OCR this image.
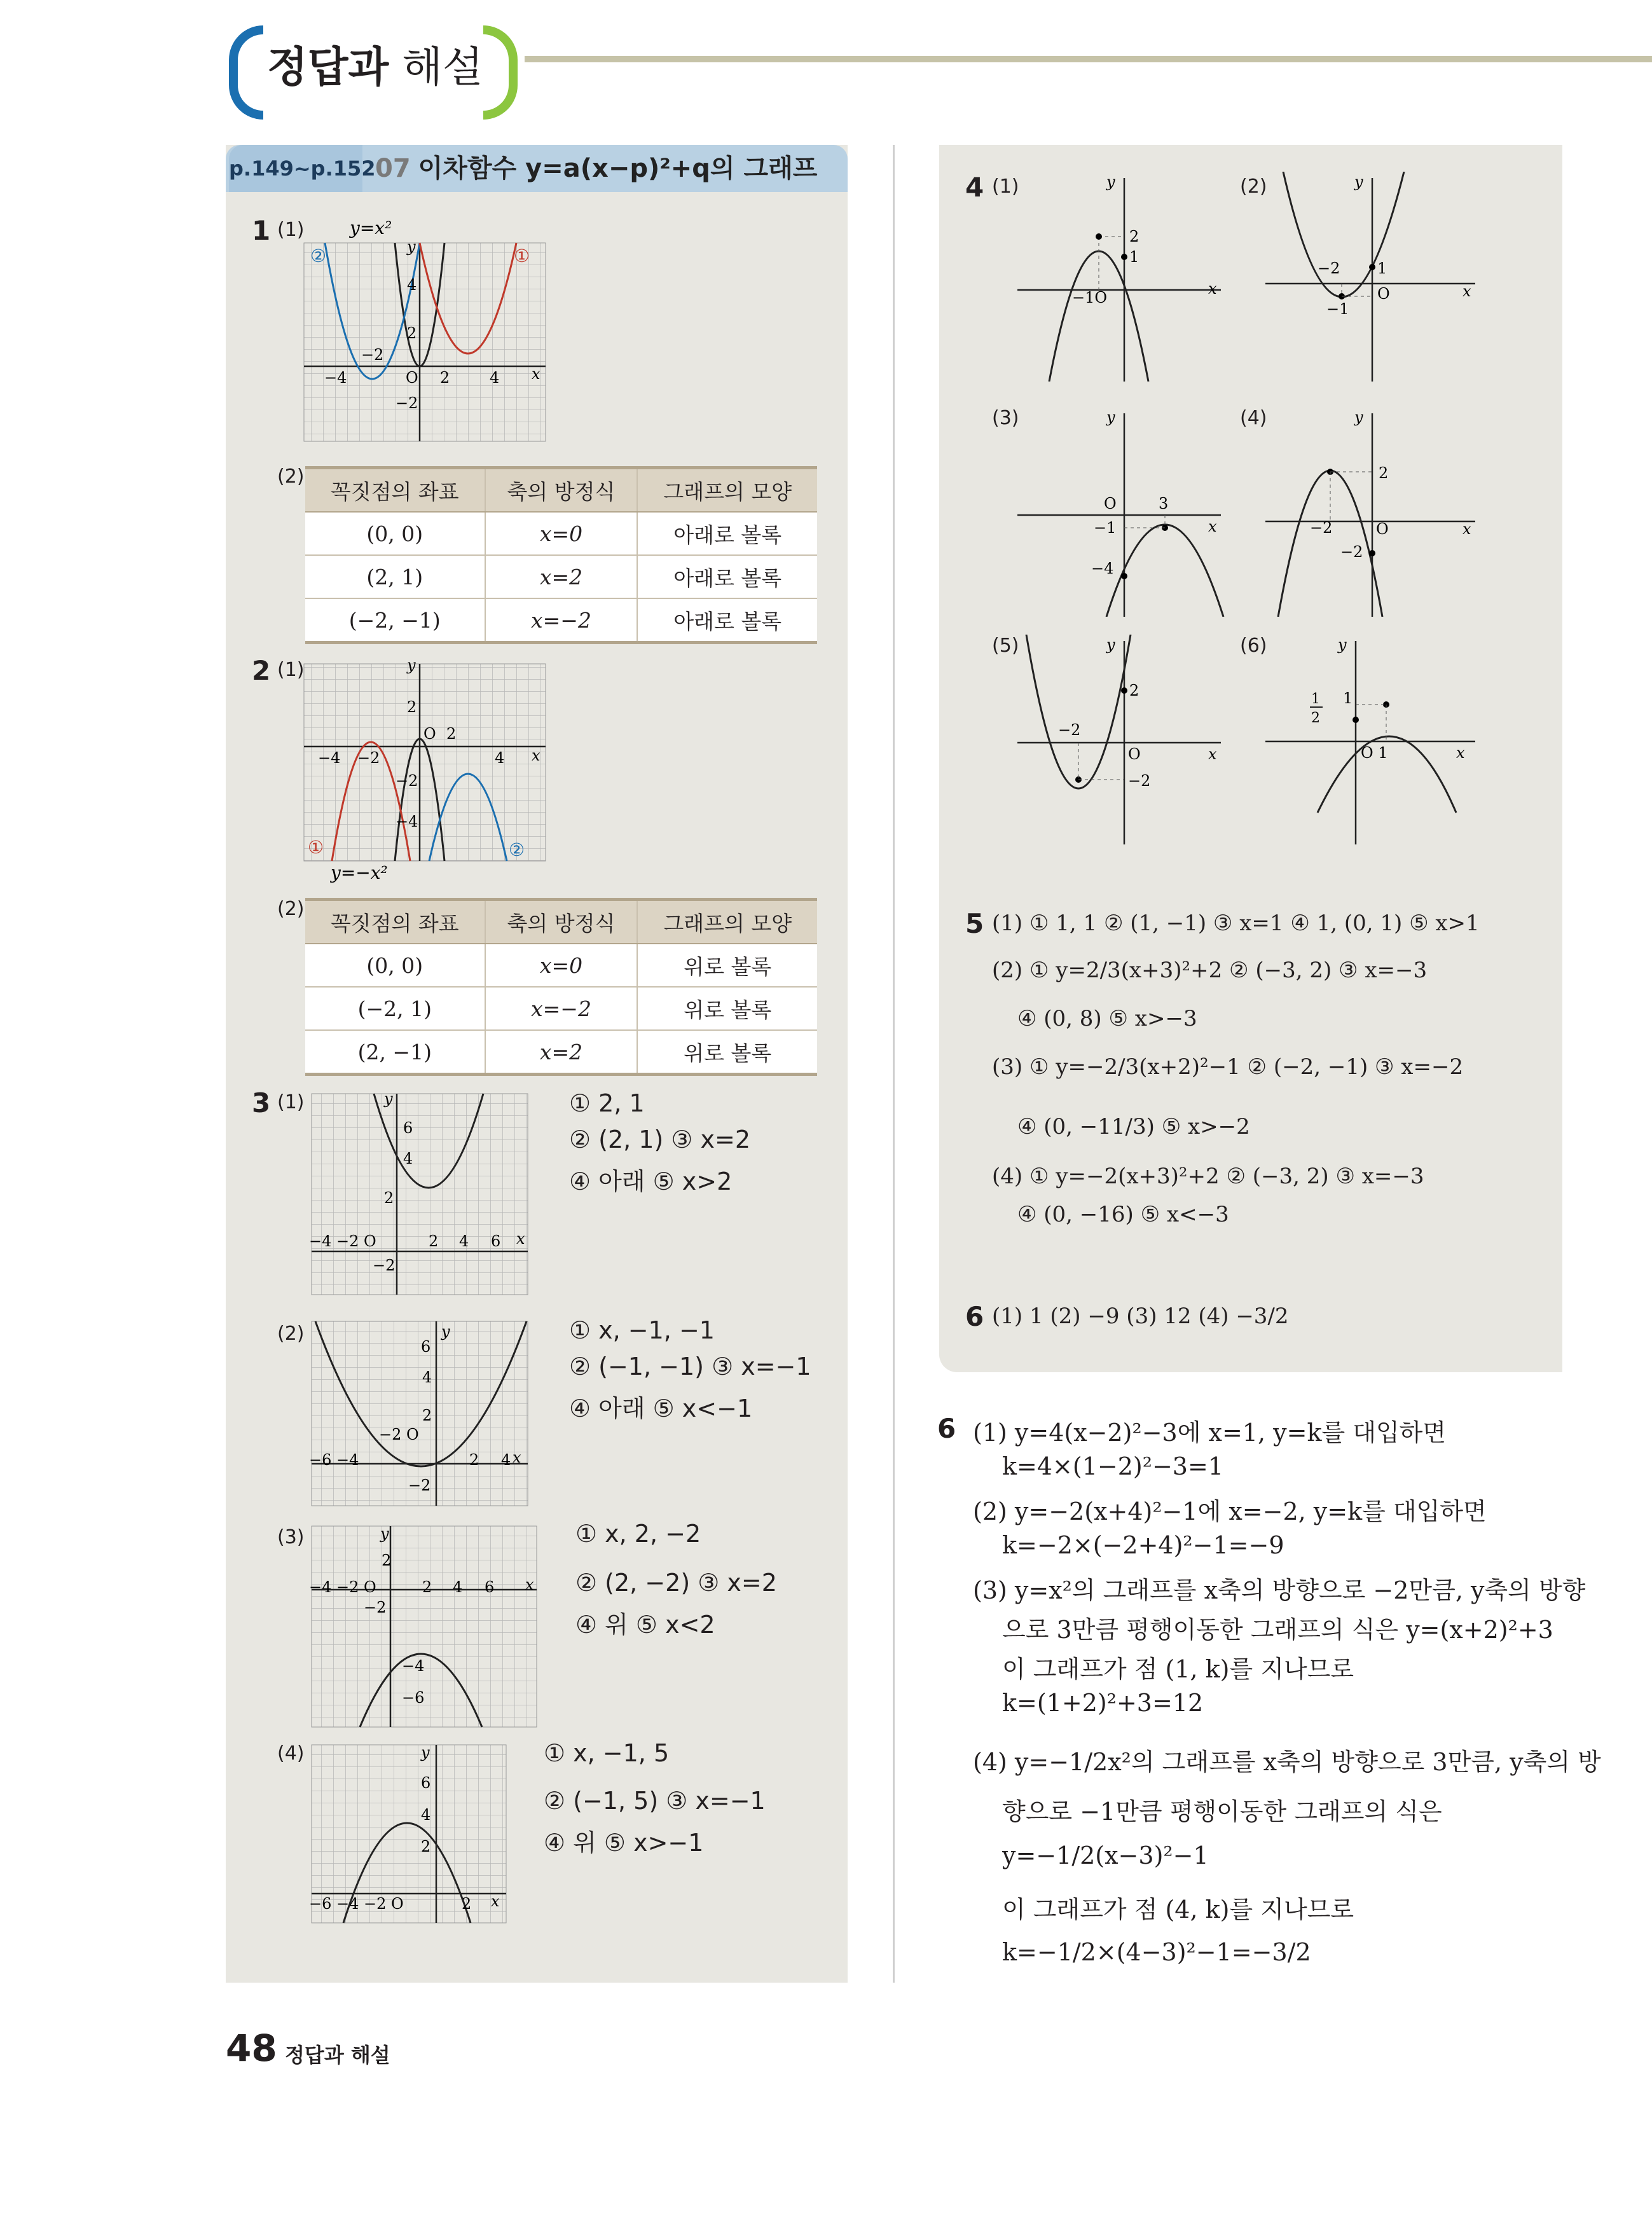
정답과 해설
p.149~p.152 07 이차함수 y=a(x−p)²+q의 그래프
1 (1)	y=x²
②	①
y
4
2
−2
−4	O 2	4
−2
x
(2)
꼭짓점의 좌표	축의 방정식	그래프의 모양
(0, 0)	x=0	아래로 볼록
(2, 1)	x=2	아래로 볼록
(−2, −1)	x=−2	아래로 볼록
2 (1)
①	②
y=−x²
y
2
O 2
−4 −2	4 x
−2
−4
(2)
꼭짓점의 좌표	축의 방정식	그래프의 모양
(0, 0)	x=0	위로 볼록
(−2, 1)	x=−2	위로 볼록
(2, −1)	x=2	위로 볼록
3 (1)	y
6
4
2
−4 −2 O	2 4 6 x
−2
① 2, 1
② (2, 1) ③ x=2
④ 아래 ⑤ x>2
(2)
6
y
4
2
−2 O
−6 −4	2 4 x
−2
① x, −1, −1
② (−1, −1) ③ x=−1
④ 아래 ⑤ x<−1
(3)	y
2
−4 −2 O	2 4 6 x
−2
−4
−6
① x, 2, −2
② (2, −2) ③ x=2
④ 위 ⑤ x<2
(4)	y
6
4
2
−6 −4 −2 O	2 x
① x, −1, 5
② (−1, 5) ③ x=−1
④ 위 ⑤ x>−1
4 (1)	(2)
(3)	(4)
(5)	(6)
y
2
1
−1O	x
y
1
−2
O
−1
x
y
O	3
−1
−4
x
y
2
−2	O
−2
x
y
2
−2
O
−2
x
y
1
1
2
O 1	x
5 (1) ① 1, 1 ② (1, −1) ③ x=1 ④ 1, (0, 1) ⑤ x>1
(2) ① y=2/3(x+3)²+2 ② (−3, 2) ③ x=−3
④ (0, 8) ⑤ x>−3
(3) ① y=−2/3(x+2)²−1 ② (−2, −1) ③ x=−2
④ (0, −11/3) ⑤ x>−2
(4) ① y=−2(x+3)²+2 ② (−3, 2) ③ x=−3
④ (0, −16) ⑤ x<−3
6 (1) 1 (2) −9 (3) 12 (4) −3/2
6 (1) y=4(x−2)²−3에 x=1, y=k를 대입하면
k=4×(1−2)²−3=1
(2) y=−2(x+4)²−1에 x=−2, y=k를 대입하면
k=−2×(−2+4)²−1=−9
(3) y=x²의 그래프를 x축의 방향으로 −2만큼, y축의 방향
으로 3만큼 평행이동한 그래프의 식은 y=(x+2)²+3
이 그래프가 점 (1, k)를 지나므로
k=(1+2)²+3=12
(4) y=−1/2x²의 그래프를 x축의 방향으로 3만큼, y축의 방
향으로 −1만큼 평행이동한 그래프의 식은
y=−1/2(x−3)²−1
이 그래프가 점 (4, k)를 지나므로
k=−1/2×(4−3)²−1=−3/2
48 정답과 해설
